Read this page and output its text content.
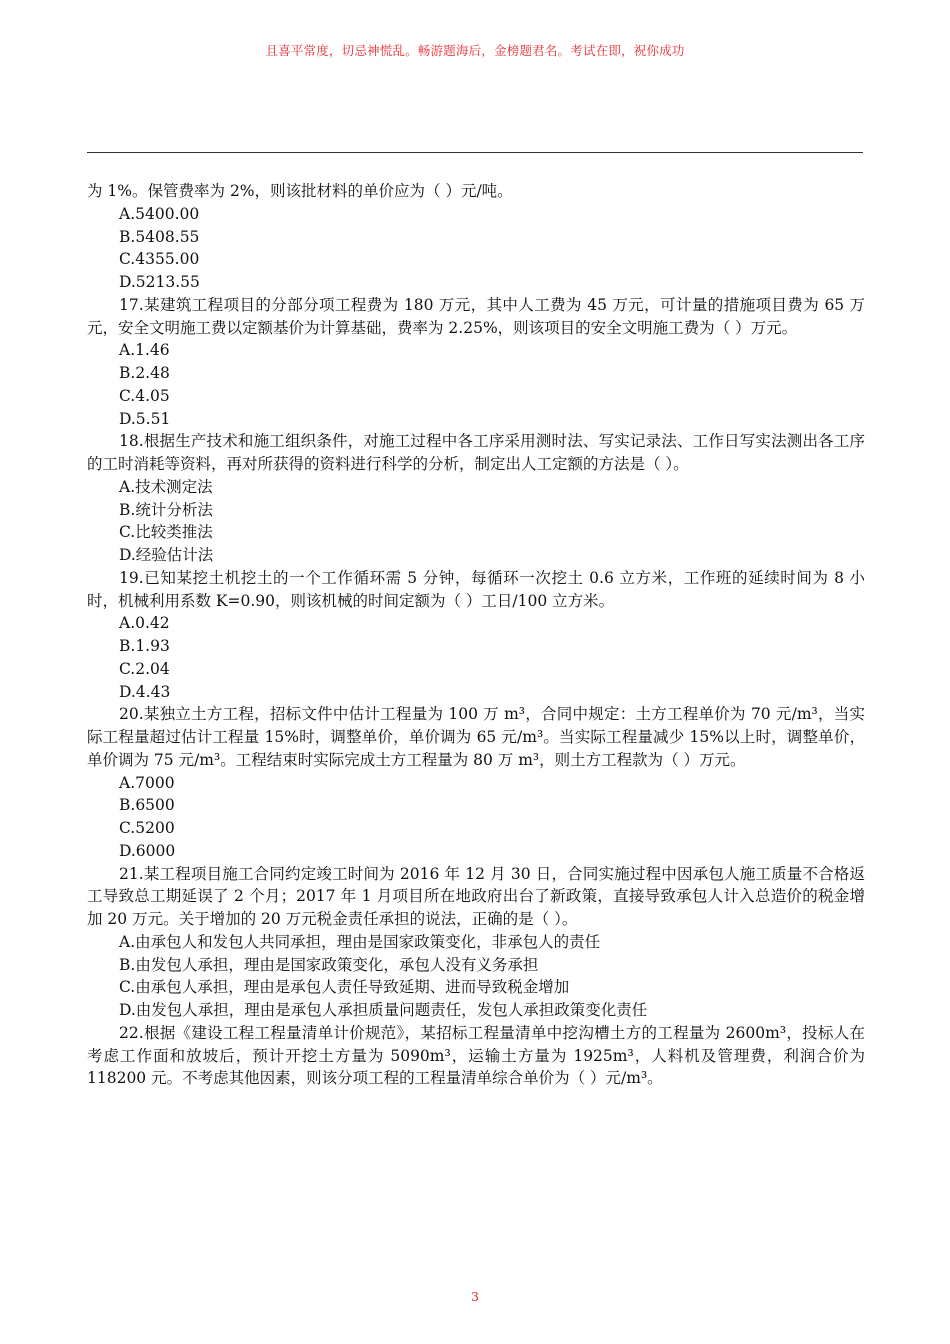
且喜平常度，切忌神慌乱。畅游题海后，金榜题君名。考试在即，祝你成功

为 1%。保管费率为 2%，则该批材料的单价应为（ ）元/吨。

A.5400.00

B.5408.55

C.4355.00

D.5213.55

17.某建筑工程项目的分部分项工程费为 180 万元，其中人工费为 45 万元，可计量的措施项目费为 65 万元，安全文明施工费以定额基价为计算基础，费率为 2.25%，则该项目的安全文明施工费为（ ）万元。

A.1.46

B.2.48

C.4.05

D.5.51

18.根据生产技术和施工组织条件，对施工过程中各工序采用测时法、写实记录法、工作日写实法测出各工序的工时消耗等资料，再对所获得的资料进行科学的分析，制定出人工定额的方法是（ ）。

A.技术测定法

B.统计分析法

C.比较类推法

D.经验估计法

19.已知某挖土机挖土的一个工作循环需 5 分钟，每循环一次挖土 0.6 立方米，工作班的延续时间为 8 小时，机械利用系数 K=0.90，则该机械的时间定额为（ ）工日/100 立方米。

A.0.42

B.1.93

C.2.04

D.4.43

20.某独立土方工程，招标文件中估计工程量为 100 万 m³，合同中规定：土方工程单价为 70 元/m³，当实际工程量超过估计工程量 15%时，调整单价，单价调为 65 元/m³。当实际工程量减少 15%以上时，调整单价，单价调为 75 元/m³。工程结束时实际完成土方工程量为 80 万 m³，则土方工程款为（ ）万元。

A.7000

B.6500

C.5200

D.6000

21.某工程项目施工合同约定竣工时间为 2016 年 12 月 30 日，合同实施过程中因承包人施工质量不合格返工导致总工期延误了 2 个月；2017 年 1 月项目所在地政府出台了新政策，直接导致承包人计入总造价的税金增加 20 万元。关于增加的 20 万元税金责任承担的说法，正确的是（ ）。

A.由承包人和发包人共同承担，理由是国家政策变化，非承包人的责任

B.由发包人承担，理由是国家政策变化，承包人没有义务承担

C.由承包人承担，理由是承包人责任导致延期、进而导致税金增加

D.由发包人承担，理由是承包人承担质量问题责任，发包人承担政策变化责任

22.根据《建设工程工程量清单计价规范》，某招标工程量清单中挖沟槽土方的工程量为 2600m³，投标人在考虑工作面和放坡后，预计开挖土方量为 5090m³，运输土方量为 1925m³，人料机及管理费，利润合价为 118200 元。不考虑其他因素，则该分项工程的工程量清单综合单价为（ ）元/m³。

3
